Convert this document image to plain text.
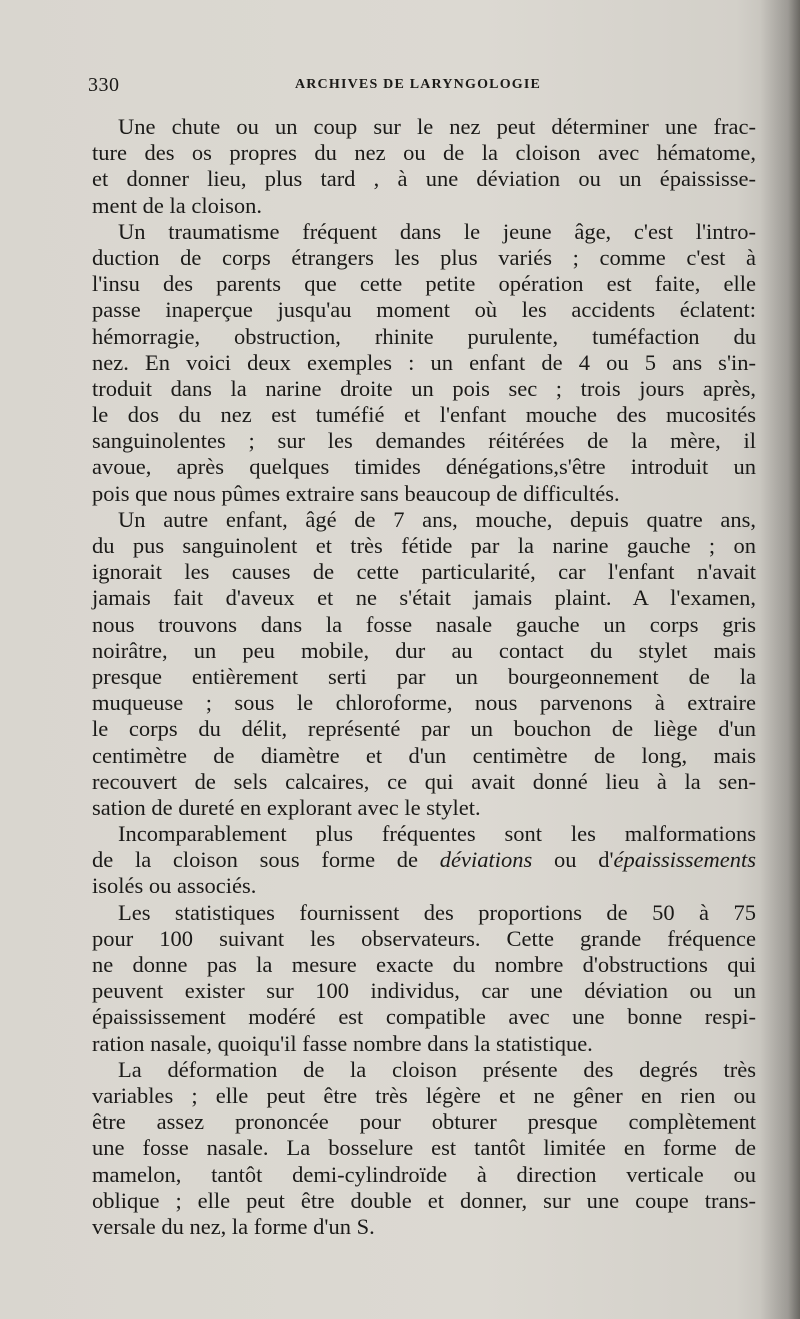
330	ARCHIVES DE LARYNGOLOGIE
Une chute ou un coup sur le nez peut déterminer une frac-
ture des os propres du nez ou de la cloison avec hématome,
et donner lieu, plus tard , à une déviation ou un épaississe-
ment de la cloison.
Un traumatisme fréquent dans le jeune âge, c'est l'intro-
duction de corps étrangers les plus variés ; comme c'est à
l'insu des parents que cette petite opération est faite, elle
passe inaperçue jusqu'au moment où les accidents éclatent:
hémorragie, obstruction, rhinite purulente, tuméfaction du
nez. En voici deux exemples : un enfant de 4 ou 5 ans s'in-
troduit dans la narine droite un pois sec ; trois jours après,
le dos du nez est tuméfié et l'enfant mouche des mucosités
sanguinolentes ; sur les demandes réitérées de la mère, il
avoue, après quelques timides dénégations,s'être introduit un
pois que nous pûmes extraire sans beaucoup de difficultés.
Un autre enfant, âgé de 7 ans, mouche, depuis quatre ans,
du pus sanguinolent et très fétide par la narine gauche ; on
ignorait les causes de cette particularité, car l'enfant n'avait
jamais fait d'aveux et ne s'était jamais plaint. A l'examen,
nous trouvons dans la fosse nasale gauche un corps gris
noirâtre, un peu mobile, dur au contact du stylet mais
presque entièrement serti par un bourgeonnement de la
muqueuse ; sous le chloroforme, nous parvenons à extraire
le corps du délit, représenté par un bouchon de liège d'un
centimètre de diamètre et d'un centimètre de long, mais
recouvert de sels calcaires, ce qui avait donné lieu à la sen-
sation de dureté en explorant avec le stylet.
Incomparablement plus fréquentes sont les malformations
de la cloison sous forme de déviations ou d'épaississements
isolés ou associés.
Les statistiques fournissent des proportions de 50 à 75
pour 100 suivant les observateurs. Cette grande fréquence
ne donne pas la mesure exacte du nombre d'obstructions qui
peuvent exister sur 100 individus, car une déviation ou un
épaississement modéré est compatible avec une bonne respi-
ration nasale, quoiqu'il fasse nombre dans la statistique.
La déformation de la cloison présente des degrés très
variables ; elle peut être très légère et ne gêner en rien ou
être assez prononcée pour obturer presque complètement
une fosse nasale. La bosselure est tantôt limitée en forme de
mamelon, tantôt demi-cylindroïde à direction verticale ou
oblique ; elle peut être double et donner, sur une coupe trans-
versale du nez, la forme d'un S.
